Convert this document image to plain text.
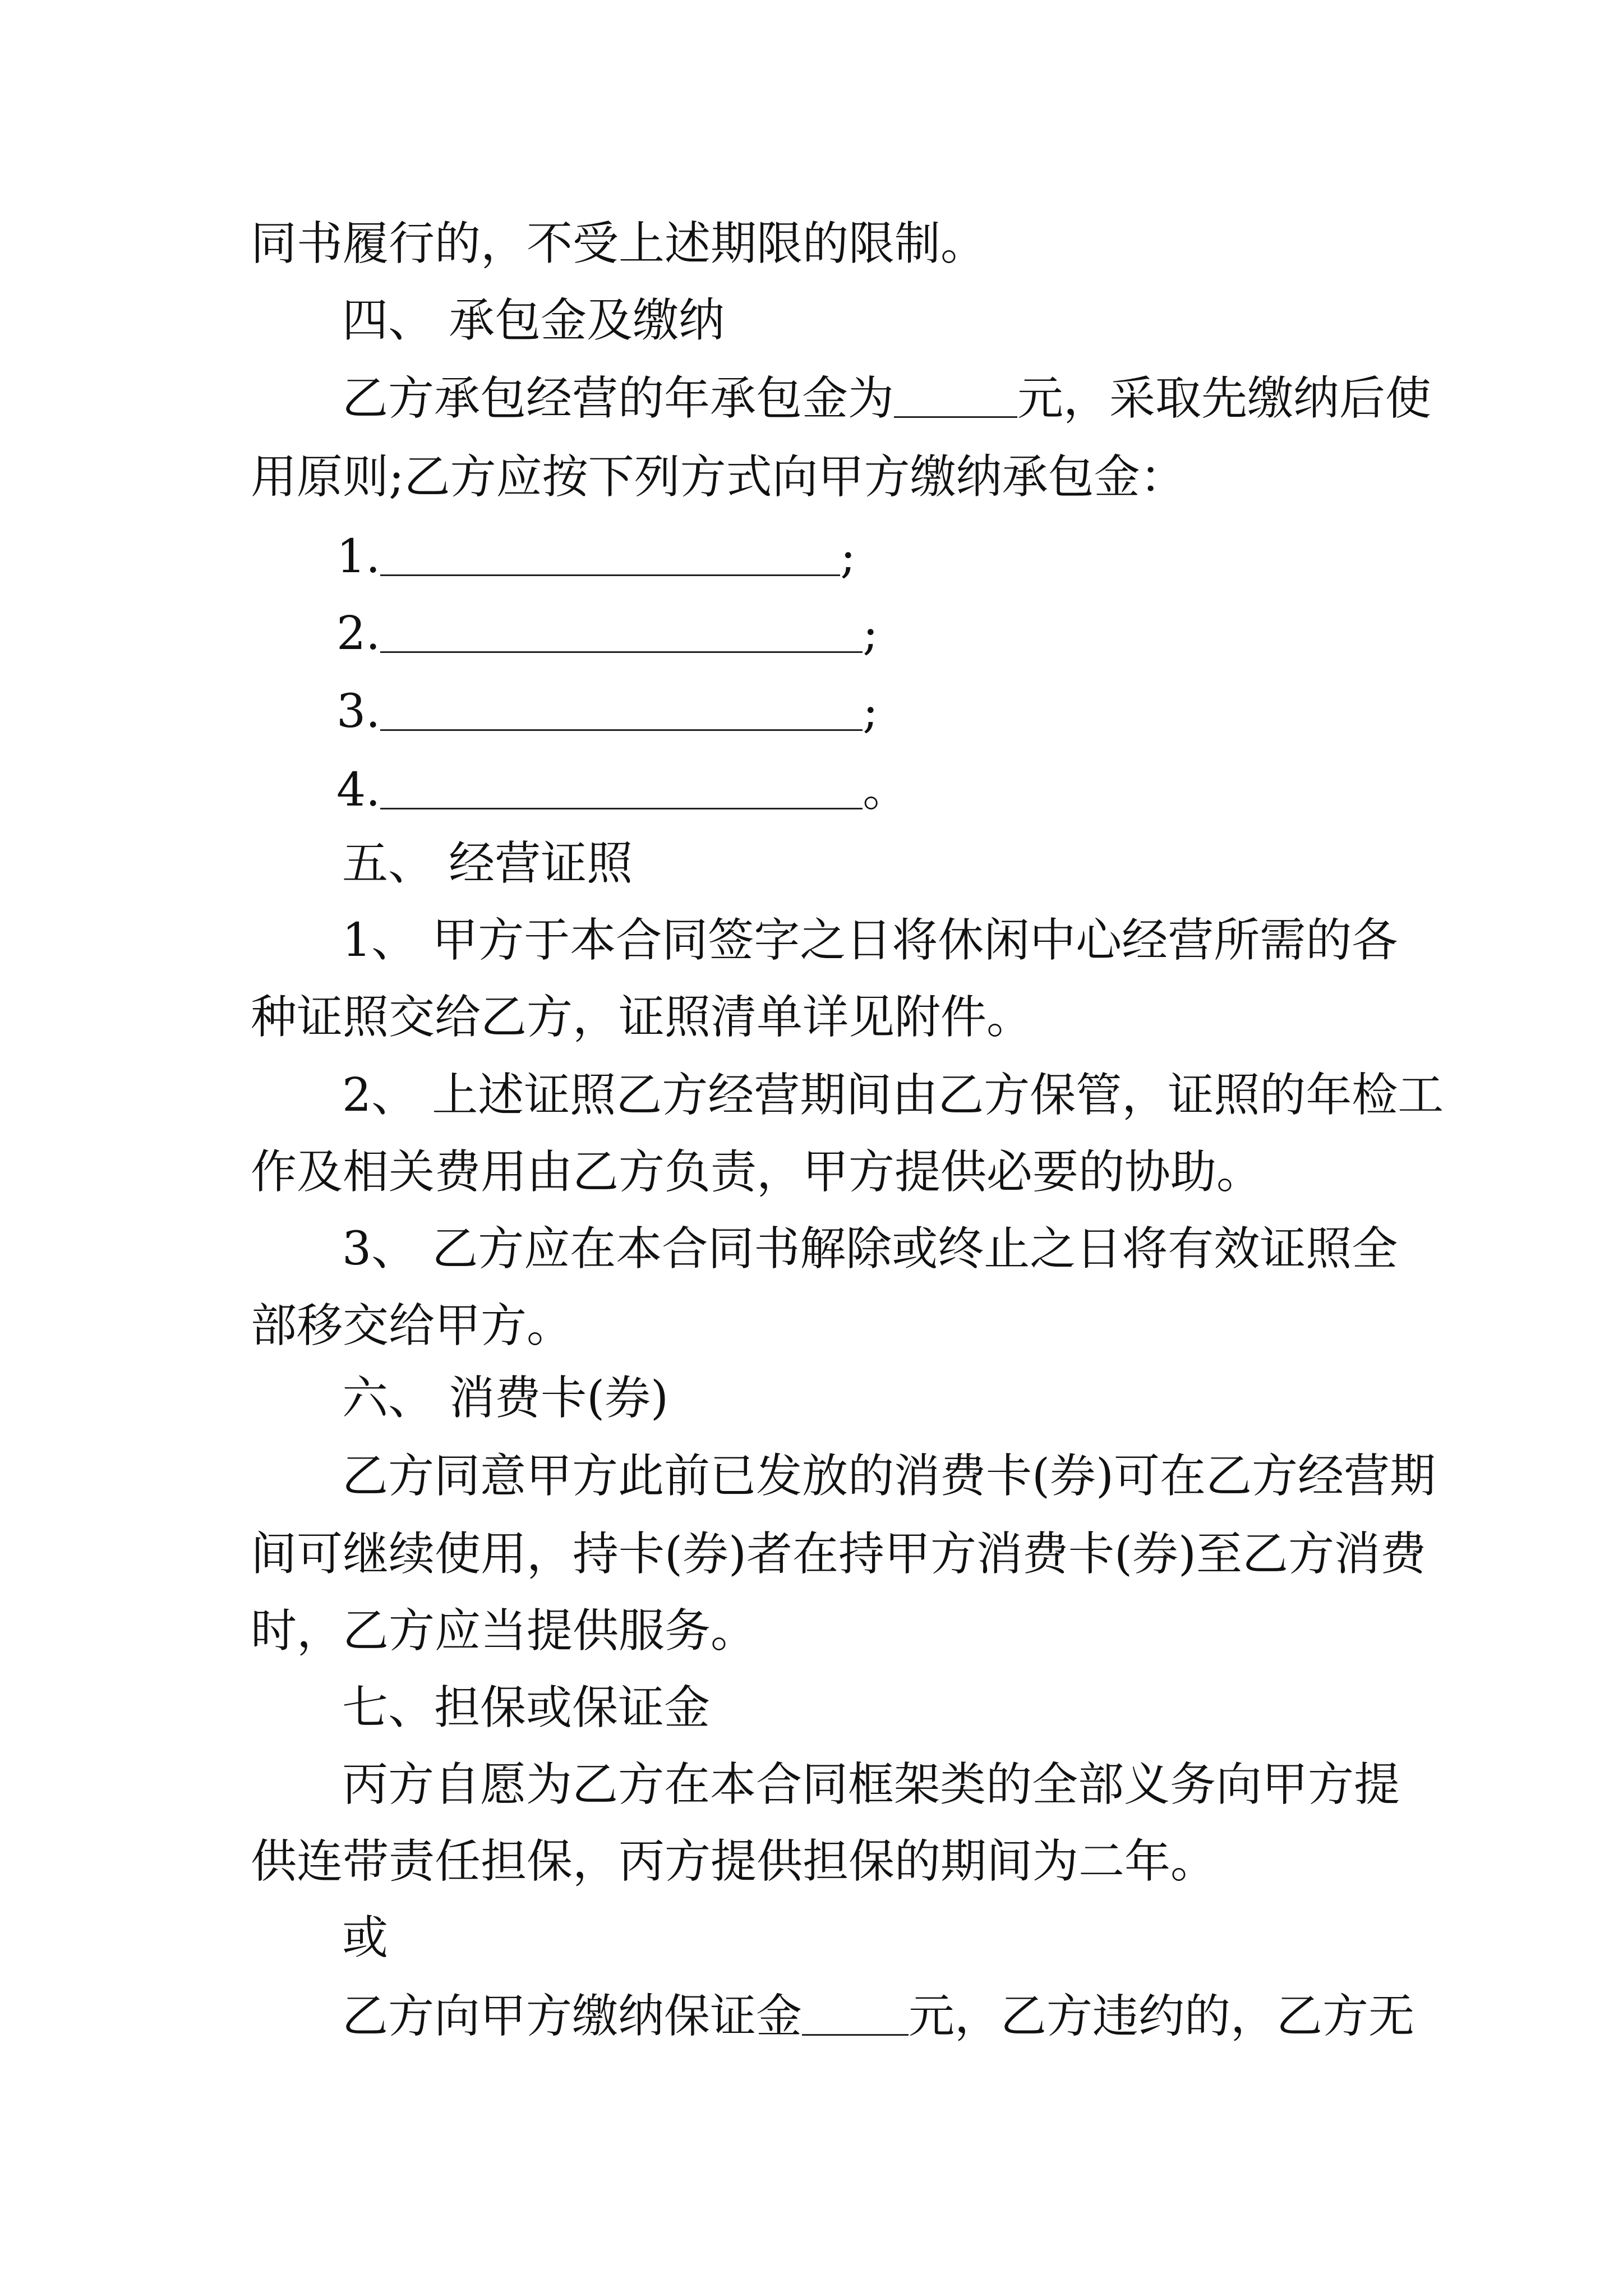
同书履行的，不受上述期限的限制。
四、 承包金及缴纳
乙方承包经营的年承包金为	元，采取先缴纳后使
用原则;乙方应按下列方式向甲方缴纳承包金：
1.	;
2.	;
3.	;
4.	。
五、 经营证照
1、 甲方于本合同签字之日将休闲中心经营所需的各
种证照交给乙方，证照清单详见附件。
2、 上述证照乙方经营期间由乙方保管，证照的年检工
作及相关费用由乙方负责，甲方提供必要的协助。
3、 乙方应在本合同书解除或终止之日将有效证照全
部移交给甲方。
六、 消费卡(券)
乙方同意甲方此前已发放的消费卡(券)可在乙方经营期
间可继续使用，持卡(券)者在持甲方消费卡(券)至乙方消费
时，乙方应当提供服务。
七、担保或保证金
丙方自愿为乙方在本合同框架类的全部义务向甲方提
供连带责任担保，丙方提供担保的期间为二年。
或
乙方向甲方缴纳保证金 元，乙方违约的，乙方无
